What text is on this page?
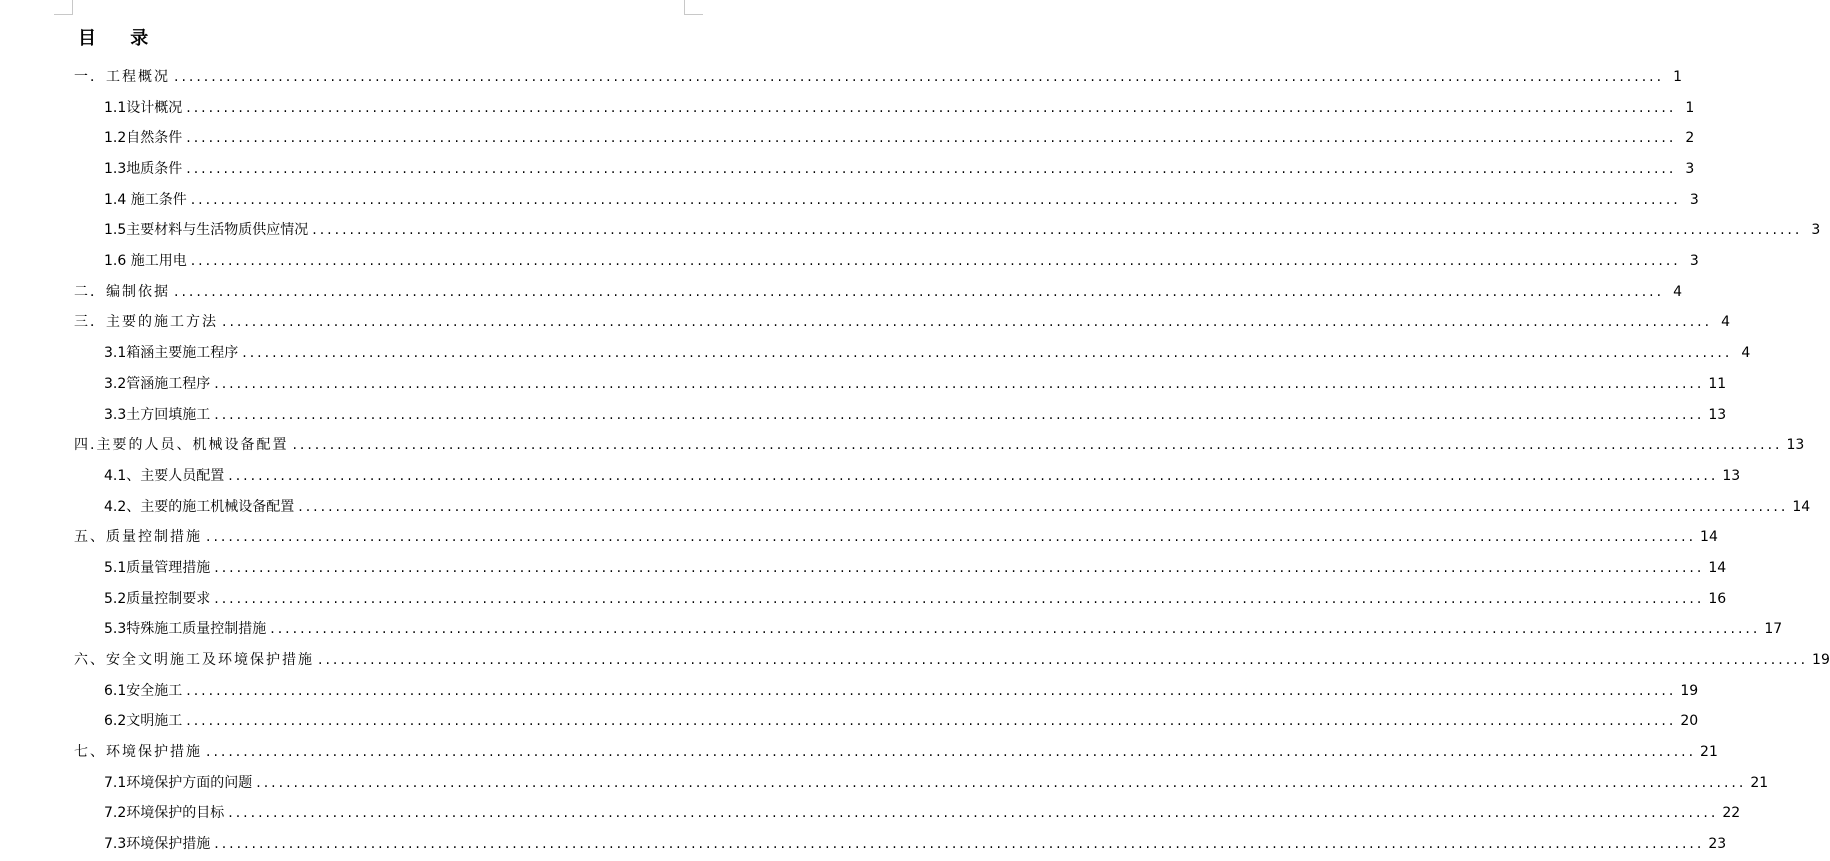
目 录
一．工程概况 ........................................................................................................................................................................................................ 1
1.1设计概况 ........................................................................................................................................................................................................ 1
1.2自然条件 ........................................................................................................................................................................................................ 2
1.3地质条件 ........................................................................................................................................................................................................ 3
1.4 施工条件 ........................................................................................................................................................................................................ 3
1.5主要材料与生活物质供应情况 ........................................................................................................................................................................................................ 3
1.6 施工用电 ........................................................................................................................................................................................................ 3
二．编制依据 ........................................................................................................................................................................................................ 4
三．主要的施工方法 ........................................................................................................................................................................................................ 4
3.1箱涵主要施工程序 ........................................................................................................................................................................................................ 4
3.2管涵施工程序 ........................................................................................................................................................................................................ 11
3.3土方回填施工 ........................................................................................................................................................................................................ 13
四.主要的人员、机械设备配置 ........................................................................................................................................................................................................ 13
4.1、主要人员配置 ........................................................................................................................................................................................................ 13
4.2、主要的施工机械设备配置 ........................................................................................................................................................................................................ 14
五、质量控制措施 ........................................................................................................................................................................................................ 14
5.1质量管理措施 ........................................................................................................................................................................................................ 14
5.2质量控制要求 ........................................................................................................................................................................................................ 16
5.3特殊施工质量控制措施 ........................................................................................................................................................................................................ 17
六、安全文明施工及环境保护措施 ........................................................................................................................................................................................................ 19
6.1安全施工 ........................................................................................................................................................................................................ 19
6.2文明施工 ........................................................................................................................................................................................................ 20
七、环境保护措施 ........................................................................................................................................................................................................ 21
7.1环境保护方面的问题 ........................................................................................................................................................................................................ 21
7.2环境保护的目标 ........................................................................................................................................................................................................ 22
7.3环境保护措施 ........................................................................................................................................................................................................ 23
